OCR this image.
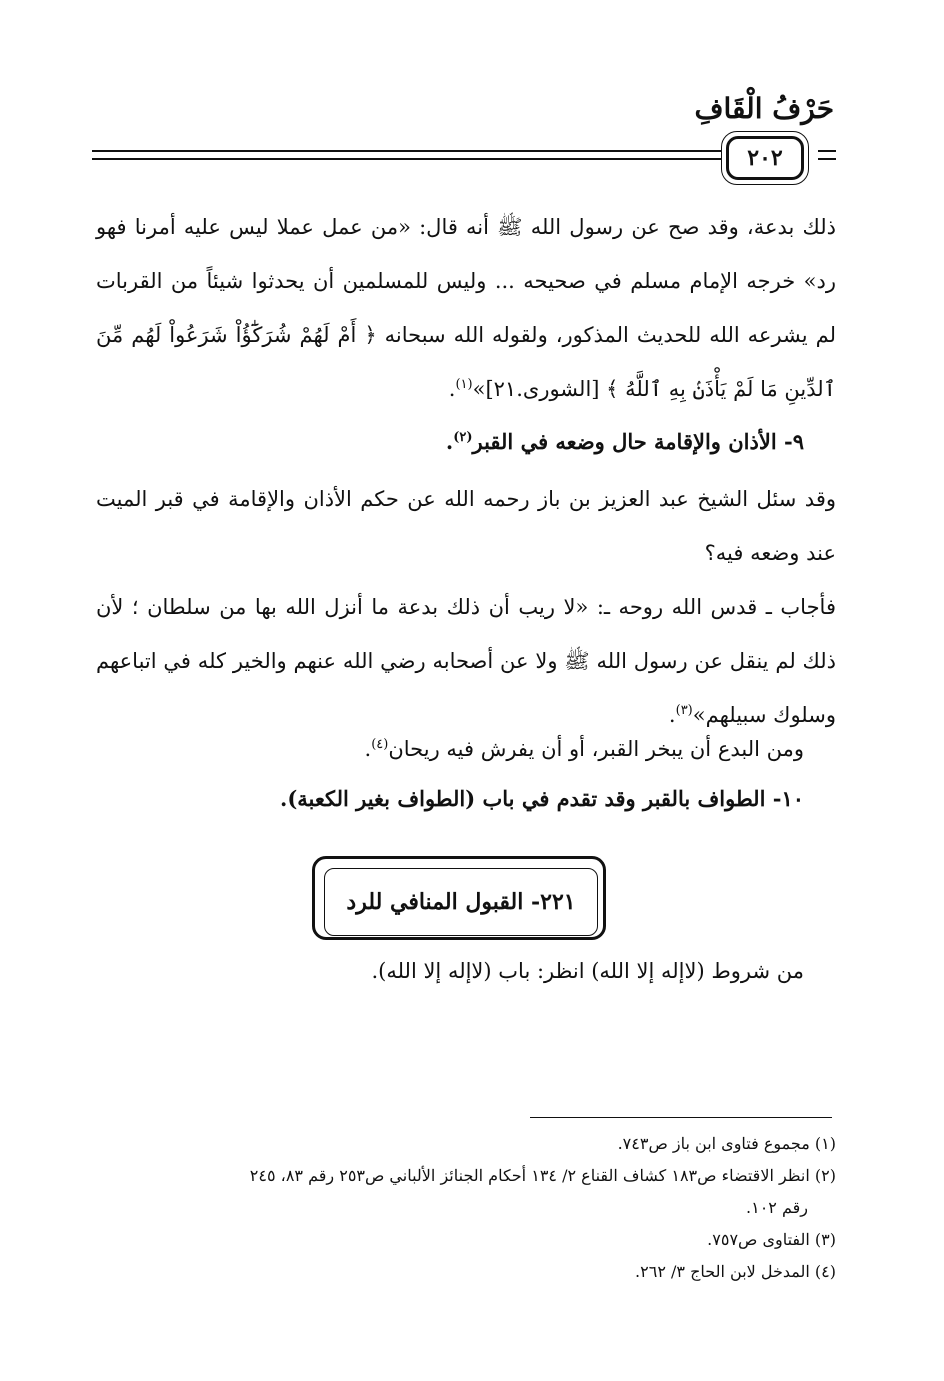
حَرْفُ الْقَافِ
٢٠٢
ذلك بدعة، وقد صح عن رسول الله ﷺ أنه قال: «من عمل عملا ليس عليه أمرنا فهو رد» خرجه الإمام مسلم في صحيحه ... وليس للمسلمين أن يحدثوا شيئاً من القربات لم يشرعه الله للحديث المذكور، ولقوله الله سبحانه ﴿ أَمْ لَهُمْ شُرَكَٰٓؤُاْ شَرَعُواْ لَهُم مِّنَ ٱلدِّينِ مَا لَمْ يَأْذَنۢ بِهِ ٱللَّهُ ﴾ [الشورى.٢١]»$^{(١)}$.
٩- الأذان والإقامة حال وضعه في القبر$^{(٢)}$.
وقد سئل الشيخ عبد العزيز بن باز رحمه الله عن حكم الأذان والإقامة في قبر الميت عند وضعه فيه؟
فأجاب ـ قدس الله روحه ـ: «لا ريب أن ذلك بدعة ما أنزل الله بها من سلطان ؛ لأن ذلك لم ينقل عن رسول الله ﷺ ولا عن أصحابه رضي الله عنهم والخير كله في اتباعهم وسلوك سبيلهم»$^{(٣)}$.
ومن البدع أن يبخر القبر، أو أن يفرش فيه ريحان$^{(٤)}$.
١٠- الطواف بالقبر وقد تقدم في باب (الطواف بغير الكعبة).
٢٢١- القبول المنافي للرد
من شروط (لاإله إلا الله) انظر: باب (لاإله إلا الله).
(١) مجموع فتاوى ابن باز ص٧٤٣.
(٢) انظر الاقتضاء ص١٨٣ كشاف القناع ٢/ ١٣٤ أحكام الجنائز الألباني ص٢٥٣ رقم ٨٣، ٢٤٥
رقم ١٠٢.
(٣) الفتاوى ص٧٥٧.
(٤) المدخل لابن الحاج ٣/ ٢٦٢.
